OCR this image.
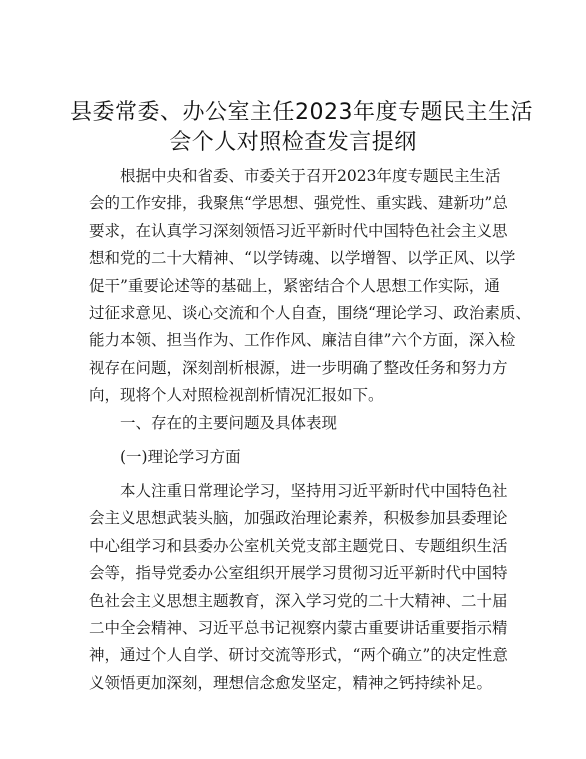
县委常委、办公室主任2023年度专题民主生活
会个人对照检查发言提纲
根据中央和省委、市委关于召开2023年度专题民主生活
会的工作安排，我聚焦“学思想、强党性、重实践、建新功”总
要求，在认真学习深刻领悟习近平新时代中国特色社会主义思
想和党的二十大精神、“以学铸魂、以学增智、以学正风、以学
促干”重要论述等的基础上，紧密结合个人思想工作实际，通
过征求意见、谈心交流和个人自查，围绕“理论学习、政治素质、
能力本领、担当作为、工作作风、廉洁自律”六个方面，深入检
视存在问题，深刻剖析根源，进一步明确了整改任务和努力方
向，现将个人对照检视剖析情况汇报如下。
一、存在的主要问题及具体表现
(一)理论学习方面
本人注重日常理论学习，坚持用习近平新时代中国特色社
会主义思想武装头脑，加强政治理论素养，积极参加县委理论
中心组学习和县委办公室机关党支部主题党日、专题组织生活
会等，指导党委办公室组织开展学习贯彻习近平新时代中国特
色社会主义思想主题教育，深入学习党的二十大精神、二十届
二中全会精神、习近平总书记视察内蒙古重要讲话重要指示精
神，通过个人自学、研讨交流等形式，“两个确立”的决定性意
义领悟更加深刻，理想信念愈发坚定，精神之钙持续补足。
